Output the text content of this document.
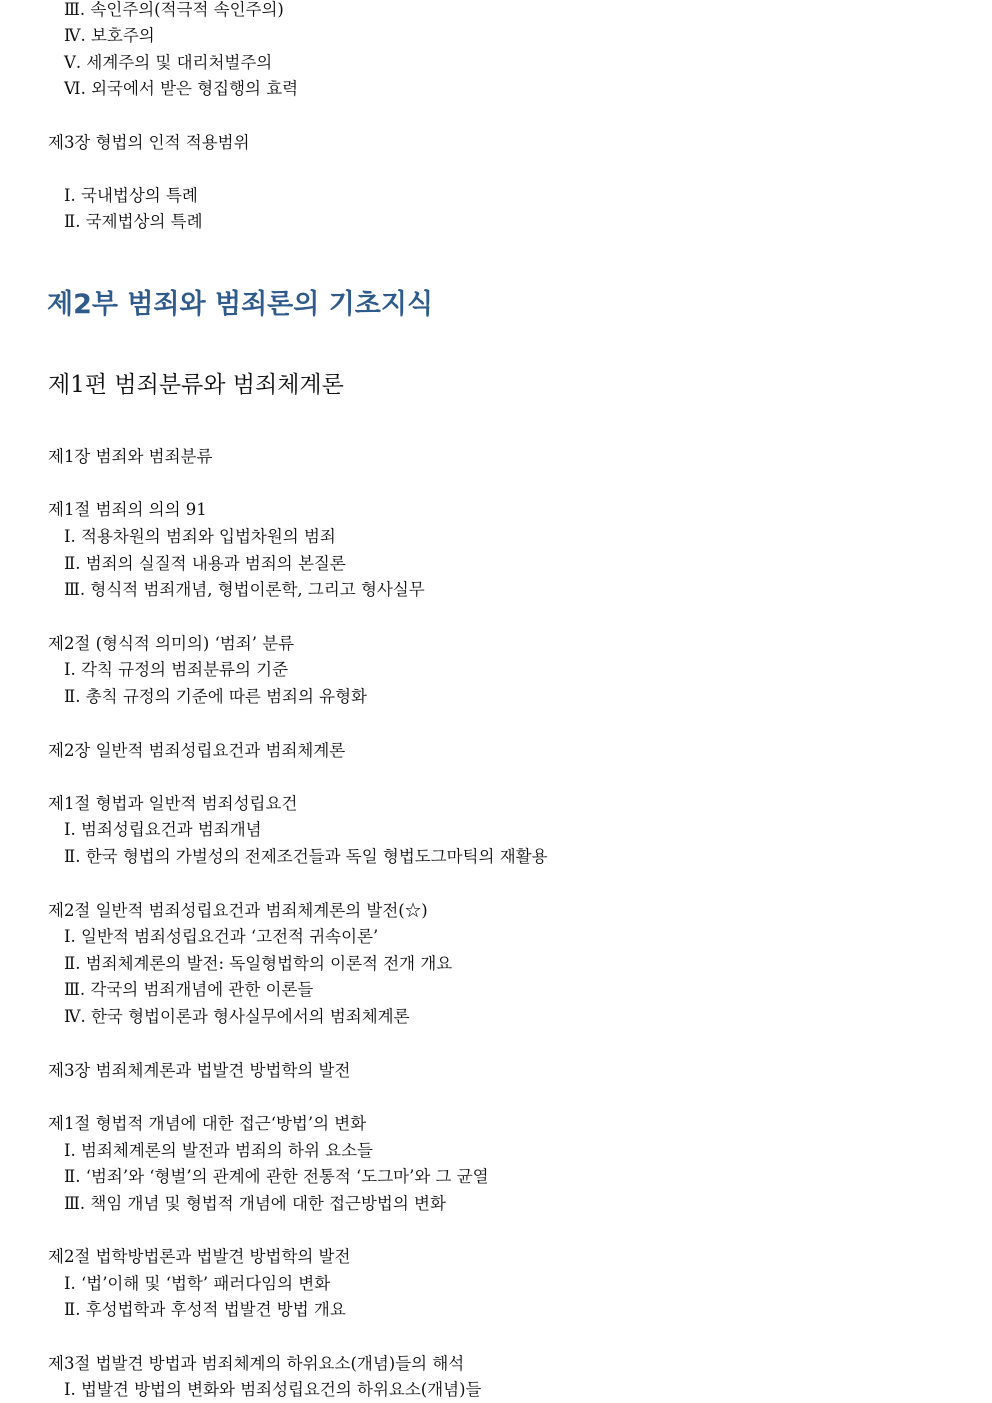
Ⅲ. 속인주의(적극적 속인주의)
Ⅳ. 보호주의
Ⅴ. 세계주의 및 대리처벌주의
Ⅵ. 외국에서 받은 형집행의 효력
제3장 형법의 인적 적용범위
Ⅰ. 국내법상의 특례
Ⅱ. 국제법상의 특례
제2부 범죄와 범죄론의 기초지식
제1편 범죄분류와 범죄체계론
제1장 범죄와 범죄분류
제1절 범죄의 의의 91
Ⅰ. 적용차원의 범죄와 입법차원의 범죄
Ⅱ. 범죄의 실질적 내용과 범죄의 본질론
Ⅲ. 형식적 범죄개념, 형법이론학, 그리고 형사실무
제2절 (형식적 의미의) ‘범죄’ 분류
Ⅰ. 각칙 규정의 범죄분류의 기준
Ⅱ. 총칙 규정의 기준에 따른 범죄의 유형화
제2장 일반적 범죄성립요건과 범죄체계론
제1절 형법과 일반적 범죄성립요건
Ⅰ. 범죄성립요건과 범죄개념
Ⅱ. 한국 형법의 가벌성의 전제조건들과 독일 형법도그마틱의 재활용
제2절 일반적 범죄성립요건과 범죄체계론의 발전(☆)
Ⅰ. 일반적 범죄성립요건과 ‘고전적 귀속이론’
Ⅱ. 범죄체계론의 발전: 독일형법학의 이론적 전개 개요
Ⅲ. 각국의 범죄개념에 관한 이론들
Ⅳ. 한국 형법이론과 형사실무에서의 범죄체계론
제3장 범죄체계론과 법발견 방법학의 발전
제1절 형법적 개념에 대한 접근‘방법’의 변화
Ⅰ. 범죄체계론의 발전과 범죄의 하위 요소들
Ⅱ. ‘범죄’와 ‘형벌’의 관계에 관한 전통적 ‘도그마’와 그 균열
Ⅲ. 책임 개념 및 형법적 개념에 대한 접근방법의 변화
제2절 법학방법론과 법발견 방법학의 발전
Ⅰ. ‘법’이해 및 ‘법학’ 패러다임의 변화
Ⅱ. 후성법학과 후성적 법발견 방법 개요
제3절 법발견 방법과 범죄체계의 하위요소(개념)들의 해석
Ⅰ. 법발견 방법의 변화와 범죄성립요건의 하위요소(개념)들
